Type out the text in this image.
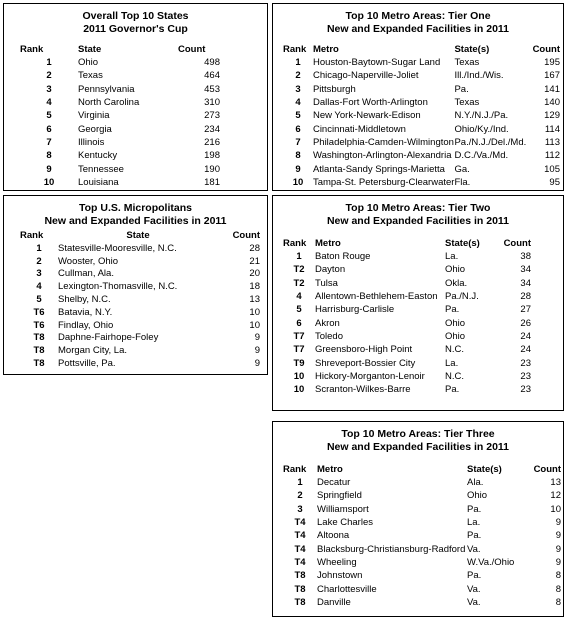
Overall Top 10 States
2011 Governor's Cup
Rank	State	Count
1	Ohio	498
2	Texas	464
3	Pennsylvania	453
4	North Carolina	310
5	Virginia	273
6	Georgia	234
7	Illinois	216
8	Kentucky	198
9	Tennessee	190
10	Louisiana	181
Top 10 Metro Areas: Tier One
New and Expanded Facilities in 2011
Rank	Metro	State(s)	Count
1	Houston-Baytown-Sugar Land	Texas	195
2	Chicago-Naperville-Joliet	Ill./Ind./Wis.	167
3	Pittsburgh	Pa.	141
4	Dallas-Fort Worth-Arlington	Texas	140
5	New York-Newark-Edison	N.Y./N.J./Pa.	129
6	Cincinnati-Middletown	Ohio/Ky./Ind.	114
7	Philadelphia-Camden-Wilmington	Pa./N.J./Del./Md.	113
8	Washington-Arlington-Alexandria	D.C./Va./Md.	112
9	Atlanta-Sandy Springs-Marietta	Ga.	105
10	Tampa-St. Petersburg-Clearwater	Fla.	95
Top U.S. Micropolitans
New and Expanded Facilities in 2011
Rank	State	Count
1	Statesville-Mooresville, N.C.	28
2	Wooster, Ohio	21
3	Cullman, Ala.	20
4	Lexington-Thomasville, N.C.	18
5	Shelby, N.C.	13
T6	Batavia, N.Y.	10
T6	Findlay, Ohio	10
T8	Daphne-Fairhope-Foley	9
T8	Morgan City, La.	9
T8	Pottsville, Pa.	9
Top 10 Metro Areas: Tier Two
New and Expanded Facilities in 2011
Rank	Metro	State(s)	Count
1	Baton Rouge	La.	38
T2	Dayton	Ohio	34
T2	Tulsa	Okla.	34
4	Allentown-Bethlehem-Easton	Pa./N.J.	28
5	Harrisburg-Carlisle	Pa.	27
6	Akron	Ohio	26
T7	Toledo	Ohio	24
T7	Greensboro-High Point	N.C.	24
T9	Shreveport-Bossier City	La.	23
10	Hickory-Morganton-Lenoir	N.C.	23
10	Scranton-Wilkes-Barre	Pa.	23
Top 10 Metro Areas: Tier Three
New and Expanded Facilities in 2011
Rank	Metro	State(s)	Count
1	Decatur	Ala.	13
2	Springfield	Ohio	12
3	Williamsport	Pa.	10
T4	Lake Charles	La.	9
T4	Altoona	Pa.	9
T4	Blacksburg-Christiansburg-Radford	Va.	9
T4	Wheeling	W.Va./Ohio	9
T8	Johnstown	Pa.	8
T8	Charlottesville	Va.	8
T8	Danville	Va.	8
